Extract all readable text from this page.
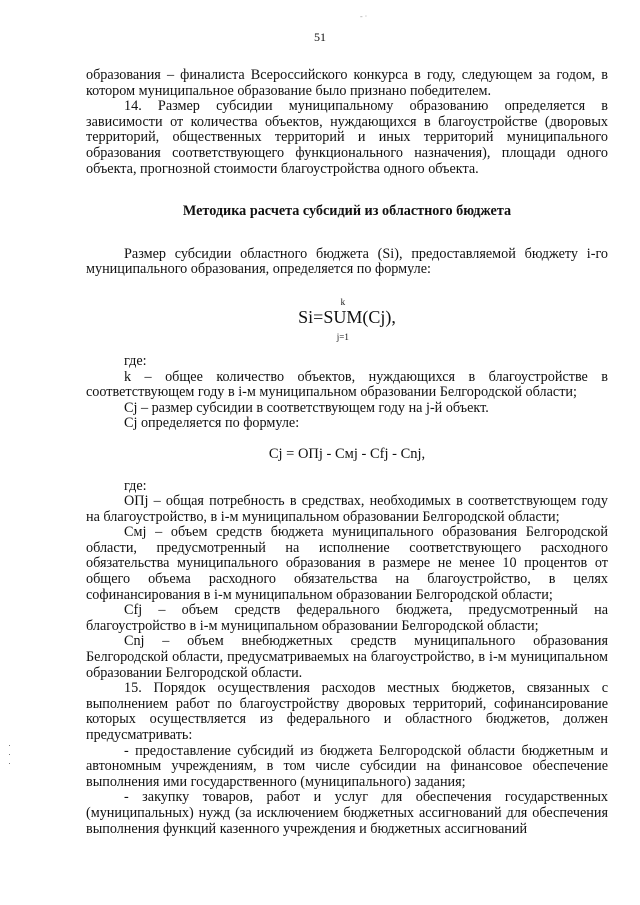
‐ ·
51

образования – финалиста Всероссийского конкурса в году, следующем за годом, в котором муниципальное образование было признано победителем.

14. Размер субсидии муниципальному образованию определяется в зависимости от количества объектов, нуждающихся в благоустройстве (дворовых территорий, общественных территорий и иных территорий муниципального образования соответствующего функционального назначения), площади одного объекта, прогнозной стоимости благоустройства одного объекта.

Методика расчета субсидий из областного бюджета

Размер субсидии областного бюджета (Si), предоставляемой бюджету i-го муниципального образования, определяется по формуле:

Si=
k
SUM
j=1
(Cj),

где:

k – общее количество объектов, нуждающихся в благоустройстве в соответствующем году в i-м муниципальном образовании Белгородской области;

Cj – размер субсидии в соответствующем году на j-й объект.

Cj определяется по формуле:

Cj = ОПj - Cмj - Cfj - Cnj,

где:

ОПj – общая потребность в средствах, необходимых в соответствующем году на благоустройство, в i-м муниципальном образовании Белгородской области;

Cмj – объем средств бюджета муниципального образования Белгородской области, предусмотренный на исполнение соответствующего расходного обязательства муниципального образования в размере не менее 10 процентов от общего объема расходного обязательства на благоустройство, в целях софинансирования в i-м муниципальном образовании Белгородской области;

Cfj – объем средств федерального бюджета, предусмотренный на благоустройство в i-м муниципальном образовании Белгородской области;

Cnj – объем внебюджетных средств муниципального образования Белгородской области, предусматриваемых на благоустройство, в i-м муниципальном образовании Белгородской области.

15. Порядок осуществления расходов местных бюджетов, связанных с выполнением работ по благоустройству дворовых территорий, софинансирование которых осуществляется из федерального и областного бюджетов, должен предусматривать:

- предоставление субсидий из бюджета Белгородской области бюджетным и автономным учреждениям, в том числе субсидии на финансовое обеспечение выполнения ими государственного (муниципального) задания;

- закупку товаров, работ и услуг для обеспечения государственных (муниципальных) нужд (за исключением бюджетных ассигнований для обеспечения выполнения функций казенного учреждения и бюджетных ассигнований
